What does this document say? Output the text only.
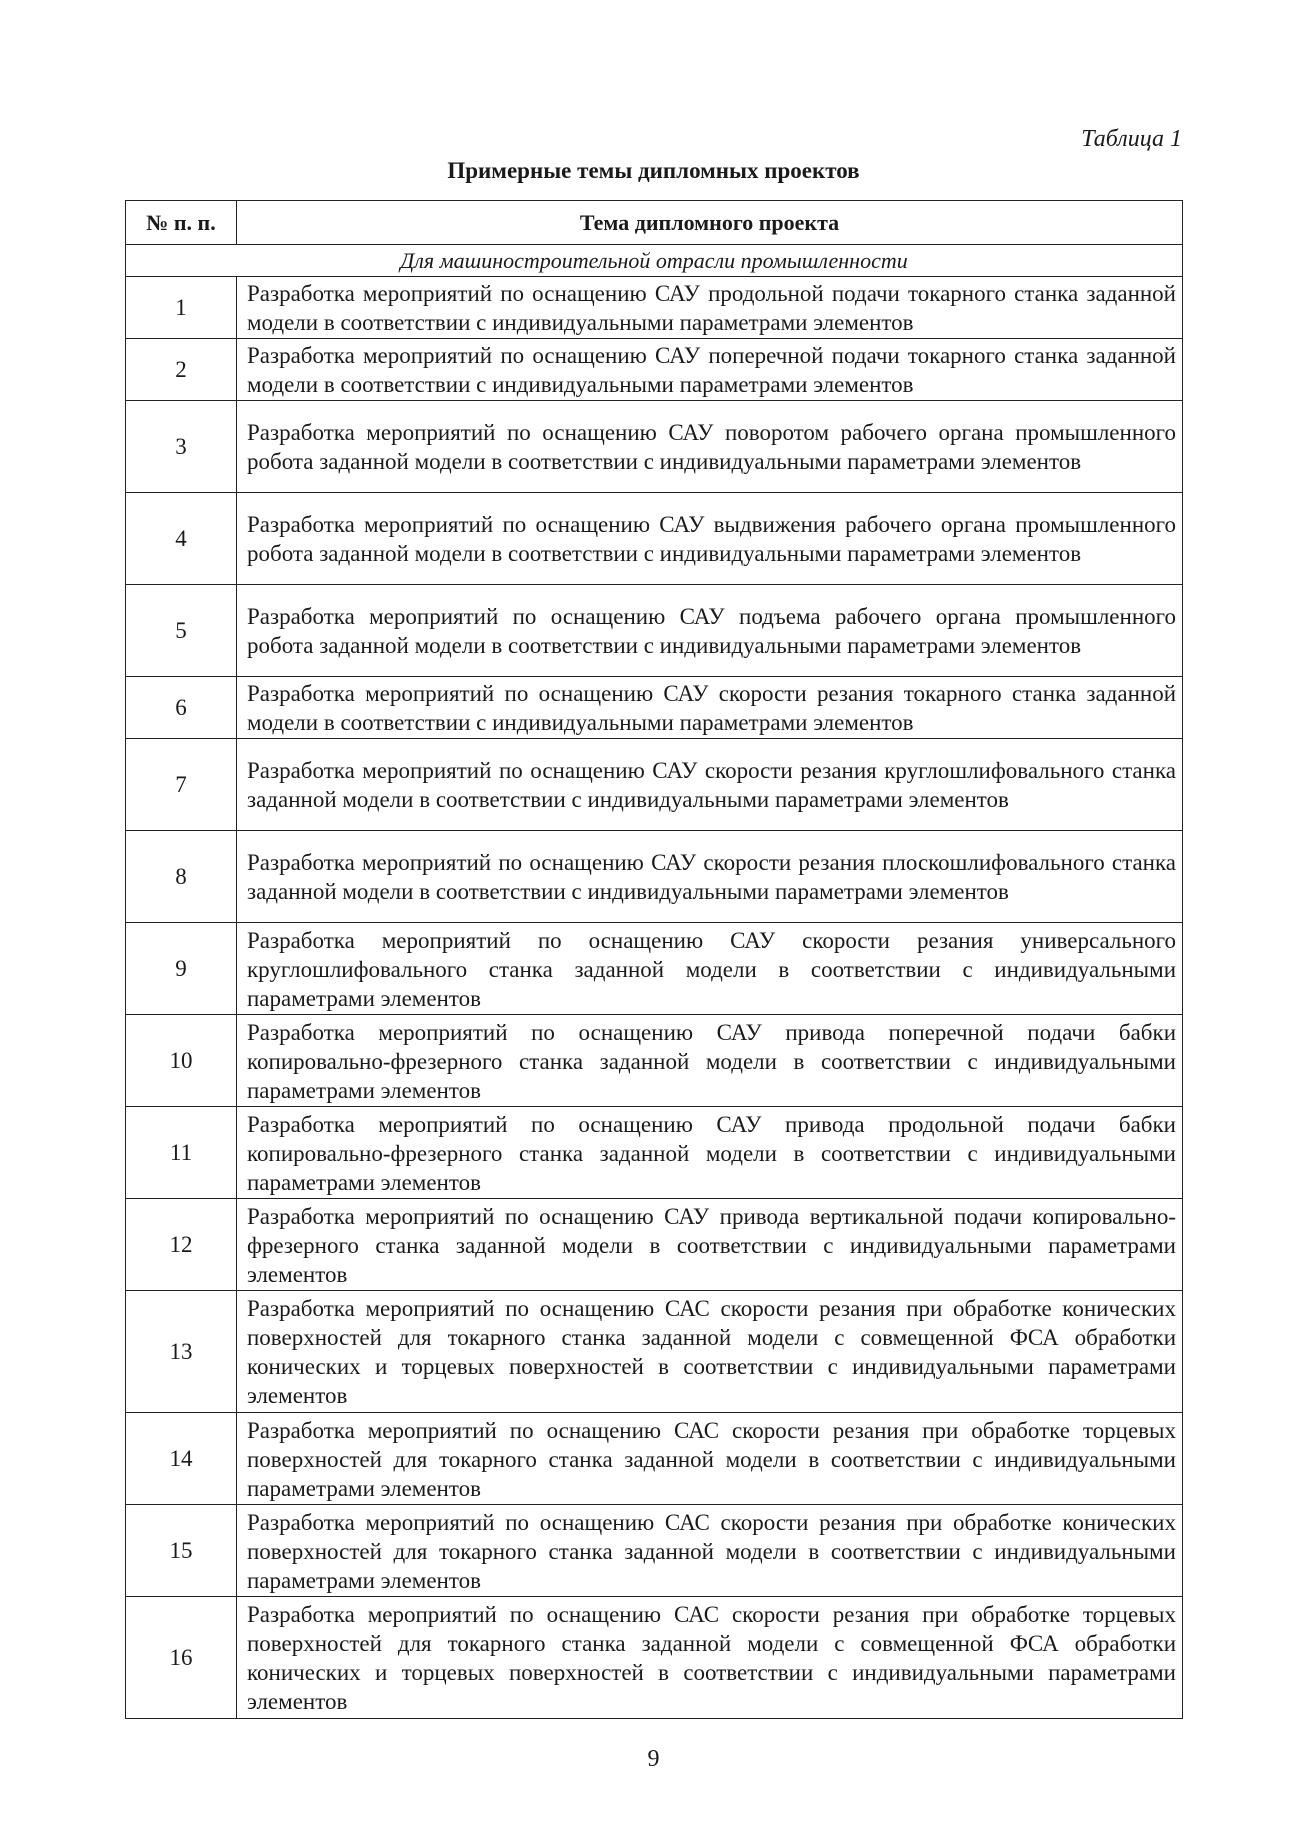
Таблица 1
Примерные темы дипломных проектов
№ п. п.	Тема дипломного проекта
Для машиностроительной отрасли промышленности	
1	Разработка мероприятий по оснащению САУ продольной подачи токарного станка заданной модели в соответствии с индивидуальными параметрами элементов
2	Разработка мероприятий по оснащению САУ поперечной подачи токарного станка заданной модели в соответствии с индивидуальными параметрами элементов
3	Разработка мероприятий по оснащению САУ поворотом рабочего органа промышленного робота заданной модели в соответствии с индивидуальными параметрами элементов
4	Разработка мероприятий по оснащению САУ выдвижения рабочего органа промышленного робота заданной модели в соответствии с индивидуальными параметрами элементов
5	Разработка мероприятий по оснащению САУ подъема рабочего органа промышленного робота заданной модели в соответствии с индивидуальными параметрами элементов
6	Разработка мероприятий по оснащению САУ скорости резания токарного станка заданной модели в соответствии с индивидуальными параметрами элементов
7	Разработка мероприятий по оснащению САУ скорости резания круглошлифовального станка заданной модели в соответствии с индивидуальными параметрами элементов
8	Разработка мероприятий по оснащению САУ скорости резания плоскошлифовального станка заданной модели в соответствии с индивидуальными параметрами элементов
9	Разработка мероприятий по оснащению САУ скорости резания универсального круглошлифовального станка заданной модели в соответствии с индивидуальными параметрами элементов
10	Разработка мероприятий по оснащению САУ привода поперечной подачи бабки копировально-фрезерного станка заданной модели в соответствии с индивидуальными параметрами элементов
11	Разработка мероприятий по оснащению САУ привода продольной подачи бабки копировально-фрезерного станка заданной модели в соответствии с индивидуальными параметрами элементов
12	Разработка мероприятий по оснащению САУ привода вертикальной подачи копировально-фрезерного станка заданной модели в соответствии с индивидуальными параметрами элементов
13	Разработка мероприятий по оснащению САС скорости резания при обработке конических поверхностей для токарного станка заданной модели с совмещенной ФСА обработки конических и торцевых поверхностей в соответствии с индивидуальными параметрами элементов
14	Разработка мероприятий по оснащению САС скорости резания при обработке торцевых поверхностей для токарного станка заданной модели в соответствии с индивидуальными параметрами элементов
15	Разработка мероприятий по оснащению САС скорости резания при обработке конических поверхностей для токарного станка заданной модели в соответствии с индивидуальными параметрами элементов
16	Разработка мероприятий по оснащению САС скорости резания при обработке торцевых поверхностей для токарного станка заданной модели с совмещенной ФСА обработки конических и торцевых поверхностей в соответствии с индивидуальными параметрами элементов
9
